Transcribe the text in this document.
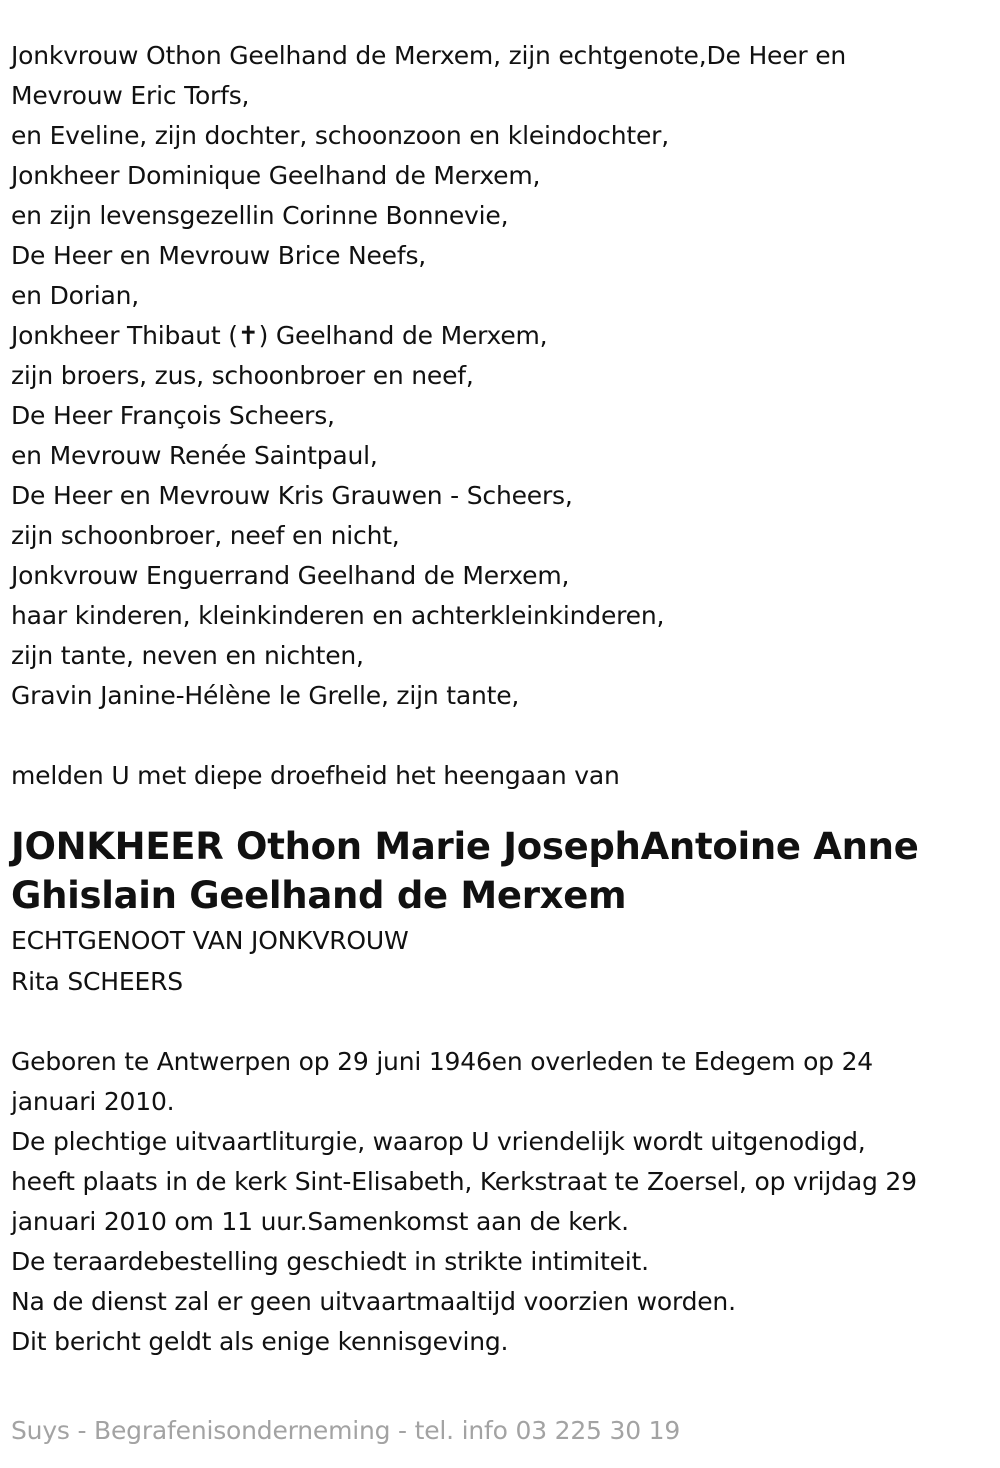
Jonkvrouw Othon Geelhand de Merxem, zijn echtgenote,De Heer en
Mevrouw Eric Torfs,
en Eveline, zijn dochter, schoonzoon en kleindochter,
Jonkheer Dominique Geelhand de Merxem,
en zijn levensgezellin Corinne Bonnevie,
De Heer en Mevrouw Brice Neefs,
en Dorian,
Jonkheer Thibaut (✝) Geelhand de Merxem,
zijn broers, zus, schoonbroer en neef,
De Heer François Scheers,
en Mevrouw Renée Saintpaul,
De Heer en Mevrouw Kris Grauwen - Scheers,
zijn schoonbroer, neef en nicht,
Jonkvrouw Enguerrand Geelhand de Merxem,
haar kinderen, kleinkinderen en achterkleinkinderen,
zijn tante, neven en nichten,
Gravin Janine-Hélène le Grelle, zijn tante,
melden U met diepe droefheid het heengaan van
JONKHEER Othon Marie JosephAntoine Anne
Ghislain Geelhand de Merxem
ECHTGENOOT VAN JONKVROUW
Rita SCHEERS
Geboren te Antwerpen op 29 juni 1946en overleden te Edegem op 24
januari 2010.
De plechtige uitvaartliturgie, waarop U vriendelijk wordt uitgenodigd,
heeft plaats in de kerk Sint-Elisabeth, Kerkstraat te Zoersel, op vrijdag 29
januari 2010 om 11 uur.Samenkomst aan de kerk.
De teraardebestelling geschiedt in strikte intimiteit.
Na de dienst zal er geen uitvaartmaaltijd voorzien worden.
Dit bericht geldt als enige kennisgeving.
Suys - Begrafenisonderneming - tel. info 03 225 30 19
